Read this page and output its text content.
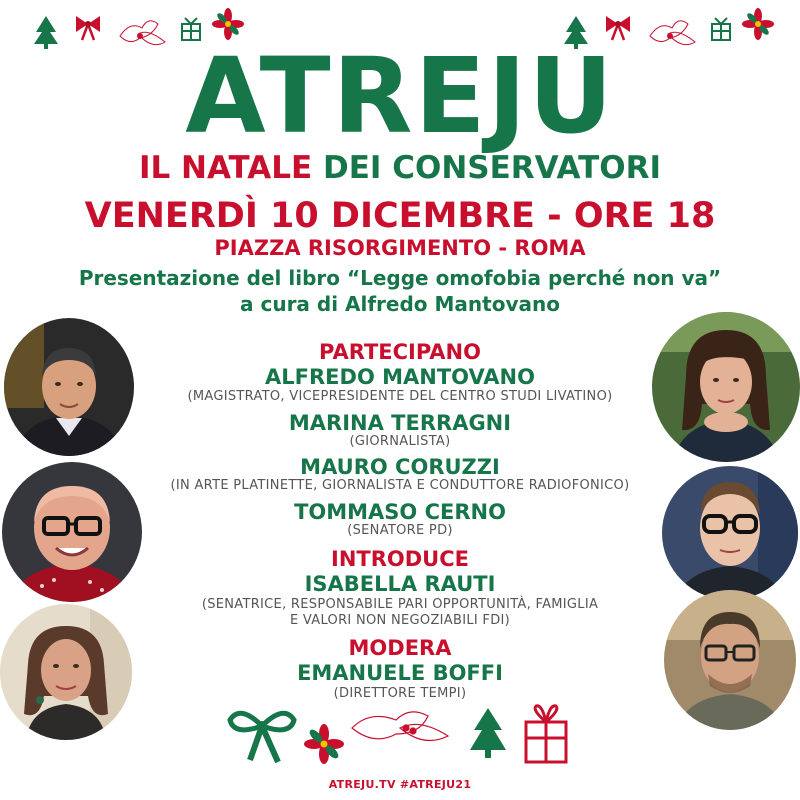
ATREJU
IL NATALE DEI CONSERVATORI
VENERDÌ 10 DICEMBRE - ORE 18
PIAZZA RISORGIMENTO - ROMA
Presentazione del libro “Legge omofobia perché non va”
a cura di Alfredo Mantovano
PARTECIPANO
ALFREDO MANTOVANO
(MAGISTRATO, VICEPRESIDENTE DEL CENTRO STUDI LIVATINO)
MARINA TERRAGNI
(GIORNALISTA)
MAURO CORUZZI
(IN ARTE PLATINETTE, GIORNALISTA E CONDUTTORE RADIOFONICO)
TOMMASO CERNO
(SENATORE PD)
INTRODUCE
ISABELLA RAUTI
(SENATRICE, RESPONSABILE PARI OPPORTUNITÀ, FAMIGLIA
E VALORI NON NEGOZIABILI FDI)
MODERA
EMANUELE BOFFI
(DIRETTORE TEMPI)
ATREJU.TV #ATREJU21
